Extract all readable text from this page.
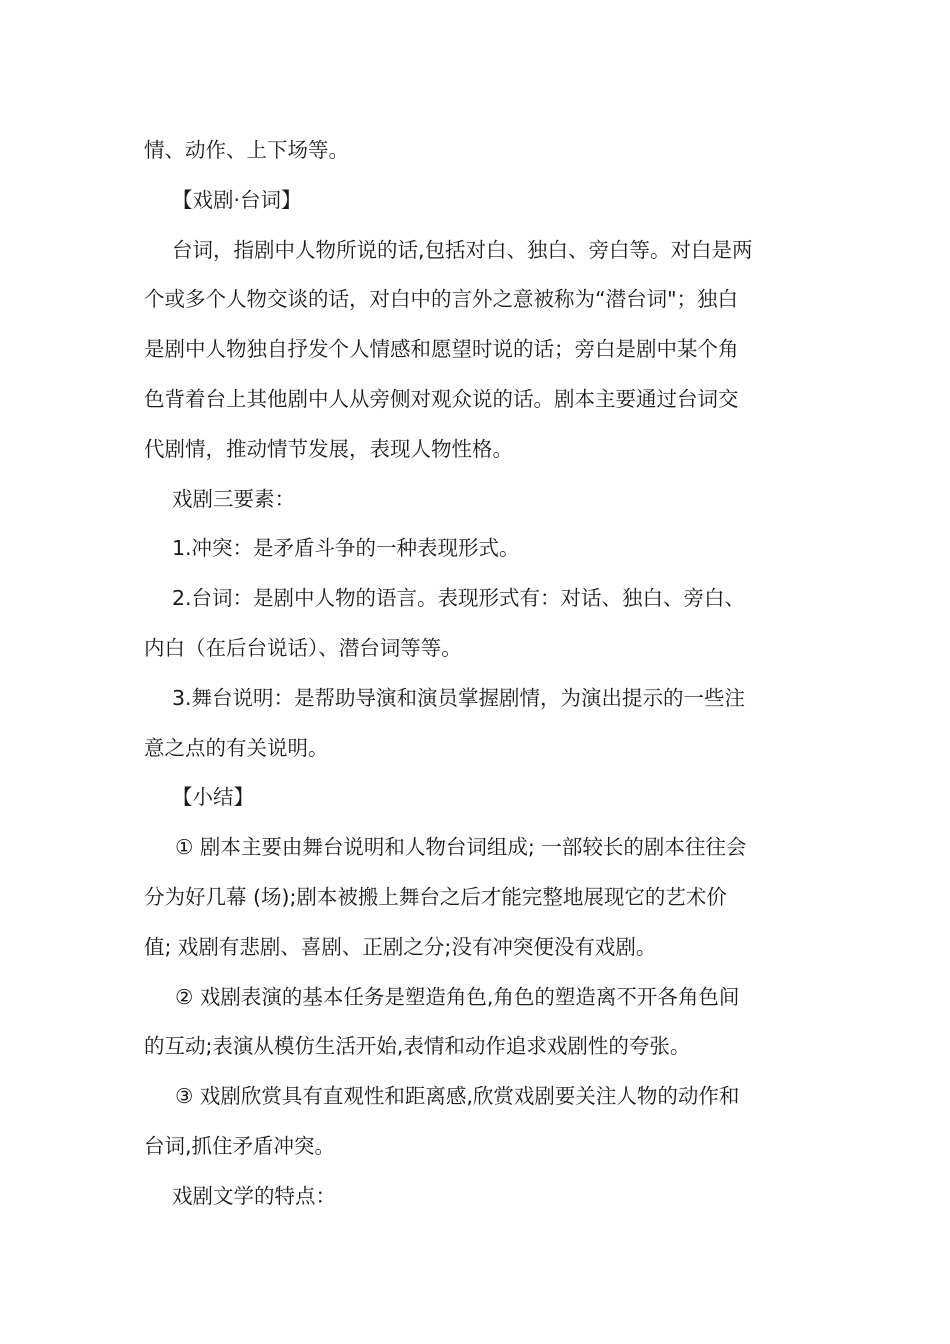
情、动作、上下场等。
【戏剧·台词】
台词，指剧中人物所说的话,包括对白、独白、旁白等。对白是两
个或多个人物交谈的话，对白中的言外之意被称为“潜台词"；独白
是剧中人物独自抒发个人情感和愿望时说的话；旁白是剧中某个角
色背着台上其他剧中人从旁侧对观众说的话。剧本主要通过台词交
代剧情，推动情节发展，表现人物性格。
戏剧三要素：
1.冲突：是矛盾斗争的一种表现形式。
2.台词：是剧中人物的语言。表现形式有：对话、独白、旁白、
内白（在后台说话）、潜台词等等。
3.舞台说明：是帮助导演和演员掌握剧情，为演出提示的一些注
意之点的有关说明。
【小结】
① 剧本主要由舞台说明和人物台词组成; 一部较长的剧本往往会
分为好几幕 (场);剧本被搬上舞台之后才能完整地展现它的艺术价
值; 戏剧有悲剧、喜剧、正剧之分;没有冲突便没有戏剧。
② 戏剧表演的基本任务是塑造角色,角色的塑造离不开各角色间
的互动;表演从模仿生活开始,表情和动作追求戏剧性的夸张。
③ 戏剧欣赏具有直观性和距离感,欣赏戏剧要关注人物的动作和
台词,抓住矛盾冲突。
戏剧文学的特点：
